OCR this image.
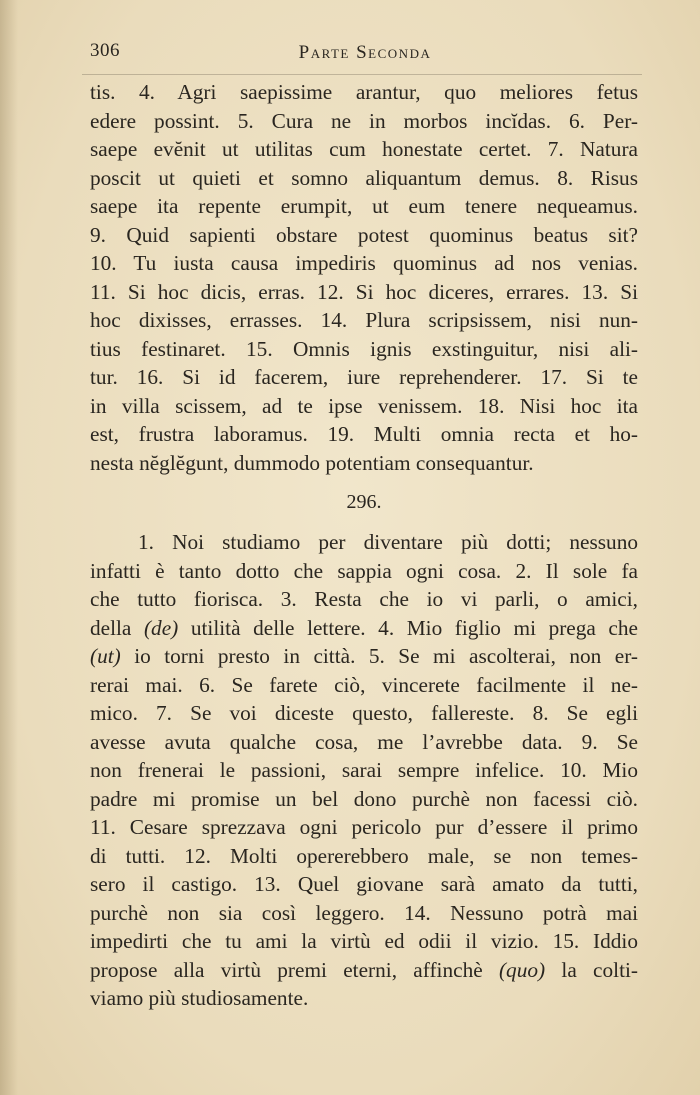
306	Parte Seconda
tis. 4. Agri saepissime arantur, quo meliores fetus
edere possint. 5. Cura ne in morbos incĭdas. 6. Per-
saepe evĕnit ut utilitas cum honestate certet. 7. Natura
poscit ut quieti et somno aliquantum demus. 8. Risus
saepe ita repente erumpit, ut eum tenere nequeamus.
9. Quid sapienti obstare potest quominus beatus sit?
10. Tu iusta causa impediris quominus ad nos venias.
11. Si hoc dicis, erras. 12. Si hoc diceres, errares. 13. Si
hoc dixisses, errasses. 14. Plura scripsissem, nisi nun-
tius festinaret. 15. Omnis ignis exstinguitur, nisi ali-
tur. 16. Si id facerem, iure reprehenderer. 17. Si te
in villa scissem, ad te ipse venissem. 18. Nisi hoc ita
est, frustra laboramus. 19. Multi omnia recta et ho-
nesta nĕglĕgunt, dummodo potentiam consequantur.
296.
1. Noi studiamo per diventare più dotti; nessuno
infatti è tanto dotto che sappia ogni cosa. 2. Il sole fa
che tutto fiorisca. 3. Resta che io vi parli, o amici,
della (de) utilità delle lettere. 4. Mio figlio mi prega che
(ut) io torni presto in città. 5. Se mi ascolterai, non er-
rerai mai. 6. Se farete ciò, vincerete facilmente il ne-
mico. 7. Se voi diceste questo, fallereste. 8. Se egli
avesse avuta qualche cosa, me l’avrebbe data. 9. Se
non frenerai le passioni, sarai sempre infelice. 10. Mio
padre mi promise un bel dono purchè non facessi ciò.
11. Cesare sprezzava ogni pericolo pur d’essere il primo
di tutti. 12. Molti opererebbero male, se non temes-
sero il castigo. 13. Quel giovane sarà amato da tutti,
purchè non sia così leggero. 14. Nessuno potrà mai
impedirti che tu ami la virtù ed odii il vizio. 15. Iddio
propose alla virtù premi eterni, affinchè (quo) la colti-
viamo più studiosamente.
